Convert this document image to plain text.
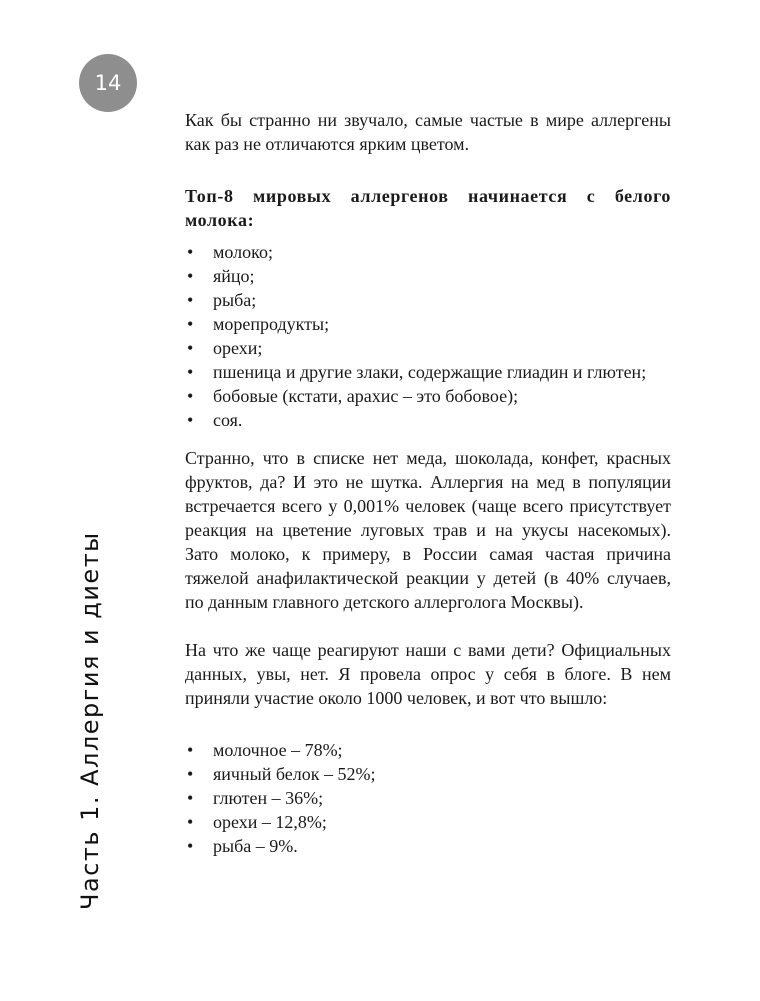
14
Часть 1. Аллергия и диеты

Как бы странно ни звучало, самые частые в мире аллергены как раз не отличаются ярким цветом.

Топ-8 мировых аллергенов начинается с белого молока:

• молоко;
• яйцо;
• рыба;
• морепродукты;
• орехи;
• пшеница и другие злаки, содержащие глиадин и глютен;
• бобовые (кстати, арахис – это бобовое);
• соя.

Странно, что в списке нет меда, шоколада, конфет, красных фруктов, да? И это не шутка. Аллергия на мед в популяции встречается всего у 0,001% человек (чаще всего присутствует реакция на цветение луговых трав и на укусы насекомых). Зато молоко, к примеру, в России самая частая причина тяжелой анафилактической реакции у детей (в 40% случаев, по данным главного детского аллерголога Москвы).

На что же чаще реагируют наши с вами дети? Официальных данных, увы, нет. Я провела опрос у себя в блоге. В нем приняли участие около 1000 человек, и вот что вышло:

• молочное – 78%;
• яичный белок – 52%;
• глютен – 36%;
• орехи – 12,8%;
• рыба – 9%.
